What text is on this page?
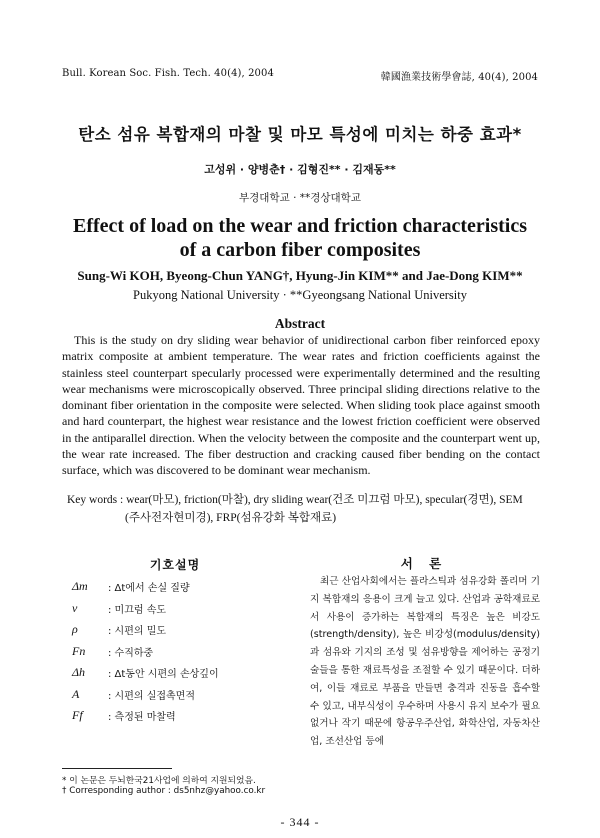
Bull. Korean Soc. Fish. Tech. 40(4), 2004	韓國漁業技術學會誌, 40(4), 2004
탄소 섬유 복합재의 마찰 및 마모 특성에 미치는 하중 효과*
고성위 · 양병춘† · 김형진** · 김재동**
부경대학교 · **경상대학교
Effect of load on the wear and friction characteristics
of a carbon fiber composites
Sung-Wi KOH, Byeong-Chun YANG†, Hyung-Jin KIM** and Jae-Dong KIM**
Pukyong National University · **Gyeongsang National University
Abstract
This is the study on dry sliding wear behavior of unidirectional carbon fiber reinforced epoxy matrix composite at ambient temperature. The wear rates and friction coefficients against the stainless steel counterpart specularly processed were experimentally determined and the resulting wear mechanisms were microscopically observed. Three principal sliding directions relative to the dominant fiber orientation in the composite were selected. When sliding took place against smooth and hard counterpart, the highest wear resistance and the lowest friction coefficient were observed in the antiparallel direction. When the velocity between the composite and the counterpart went up, the wear rate increased. The fiber destruction and cracking caused fiber bending on the contact surface, which was discovered to be dominant wear mechanism.
Key words : wear(마모), friction(마찰), dry sliding wear(건조 미끄럼 마모), specular(경면), SEM
(주사전자현미경), FRP(섬유강화 복합재료)
기호설명
Δm	: Δt에서 손실 질량
v	: 미끄럼 속도
ρ	: 시편의 밀도
Fn	: 수직하중
Δh	: Δt동안 시편의 손상깊이
A	: 시편의 실접촉면적
Ff	: 측정된 마찰력
서 론
최근 산업사회에서는 플라스틱과 섬유강화 폴리머 기지 복합재의 응용이 크게 늘고 있다. 산업과 공학재료로서 사용이 증가하는 복합재의 특징은 높은 비강도(strength/density), 높은 비강성(modulus/density)과 섬유와 기지의 조성 및 섬유방향을 제어하는 공정기술들을 통한 재료특성을 조절할 수 있기 때문이다. 더하여, 이들 재료로 부품을 만들면 충격과 진동을 흡수할 수 있고, 내부식성이 우수하며 사용시 유지 보수가 필요 없거나 작기 때문에 항공우주산업, 화학산업, 자동차산업, 조선산업 등에
* 이 논문은 두뇌한국21사업에 의하여 지원되었음.
† Corresponding author : ds5nhz@yahoo.co.kr
- 344 -
